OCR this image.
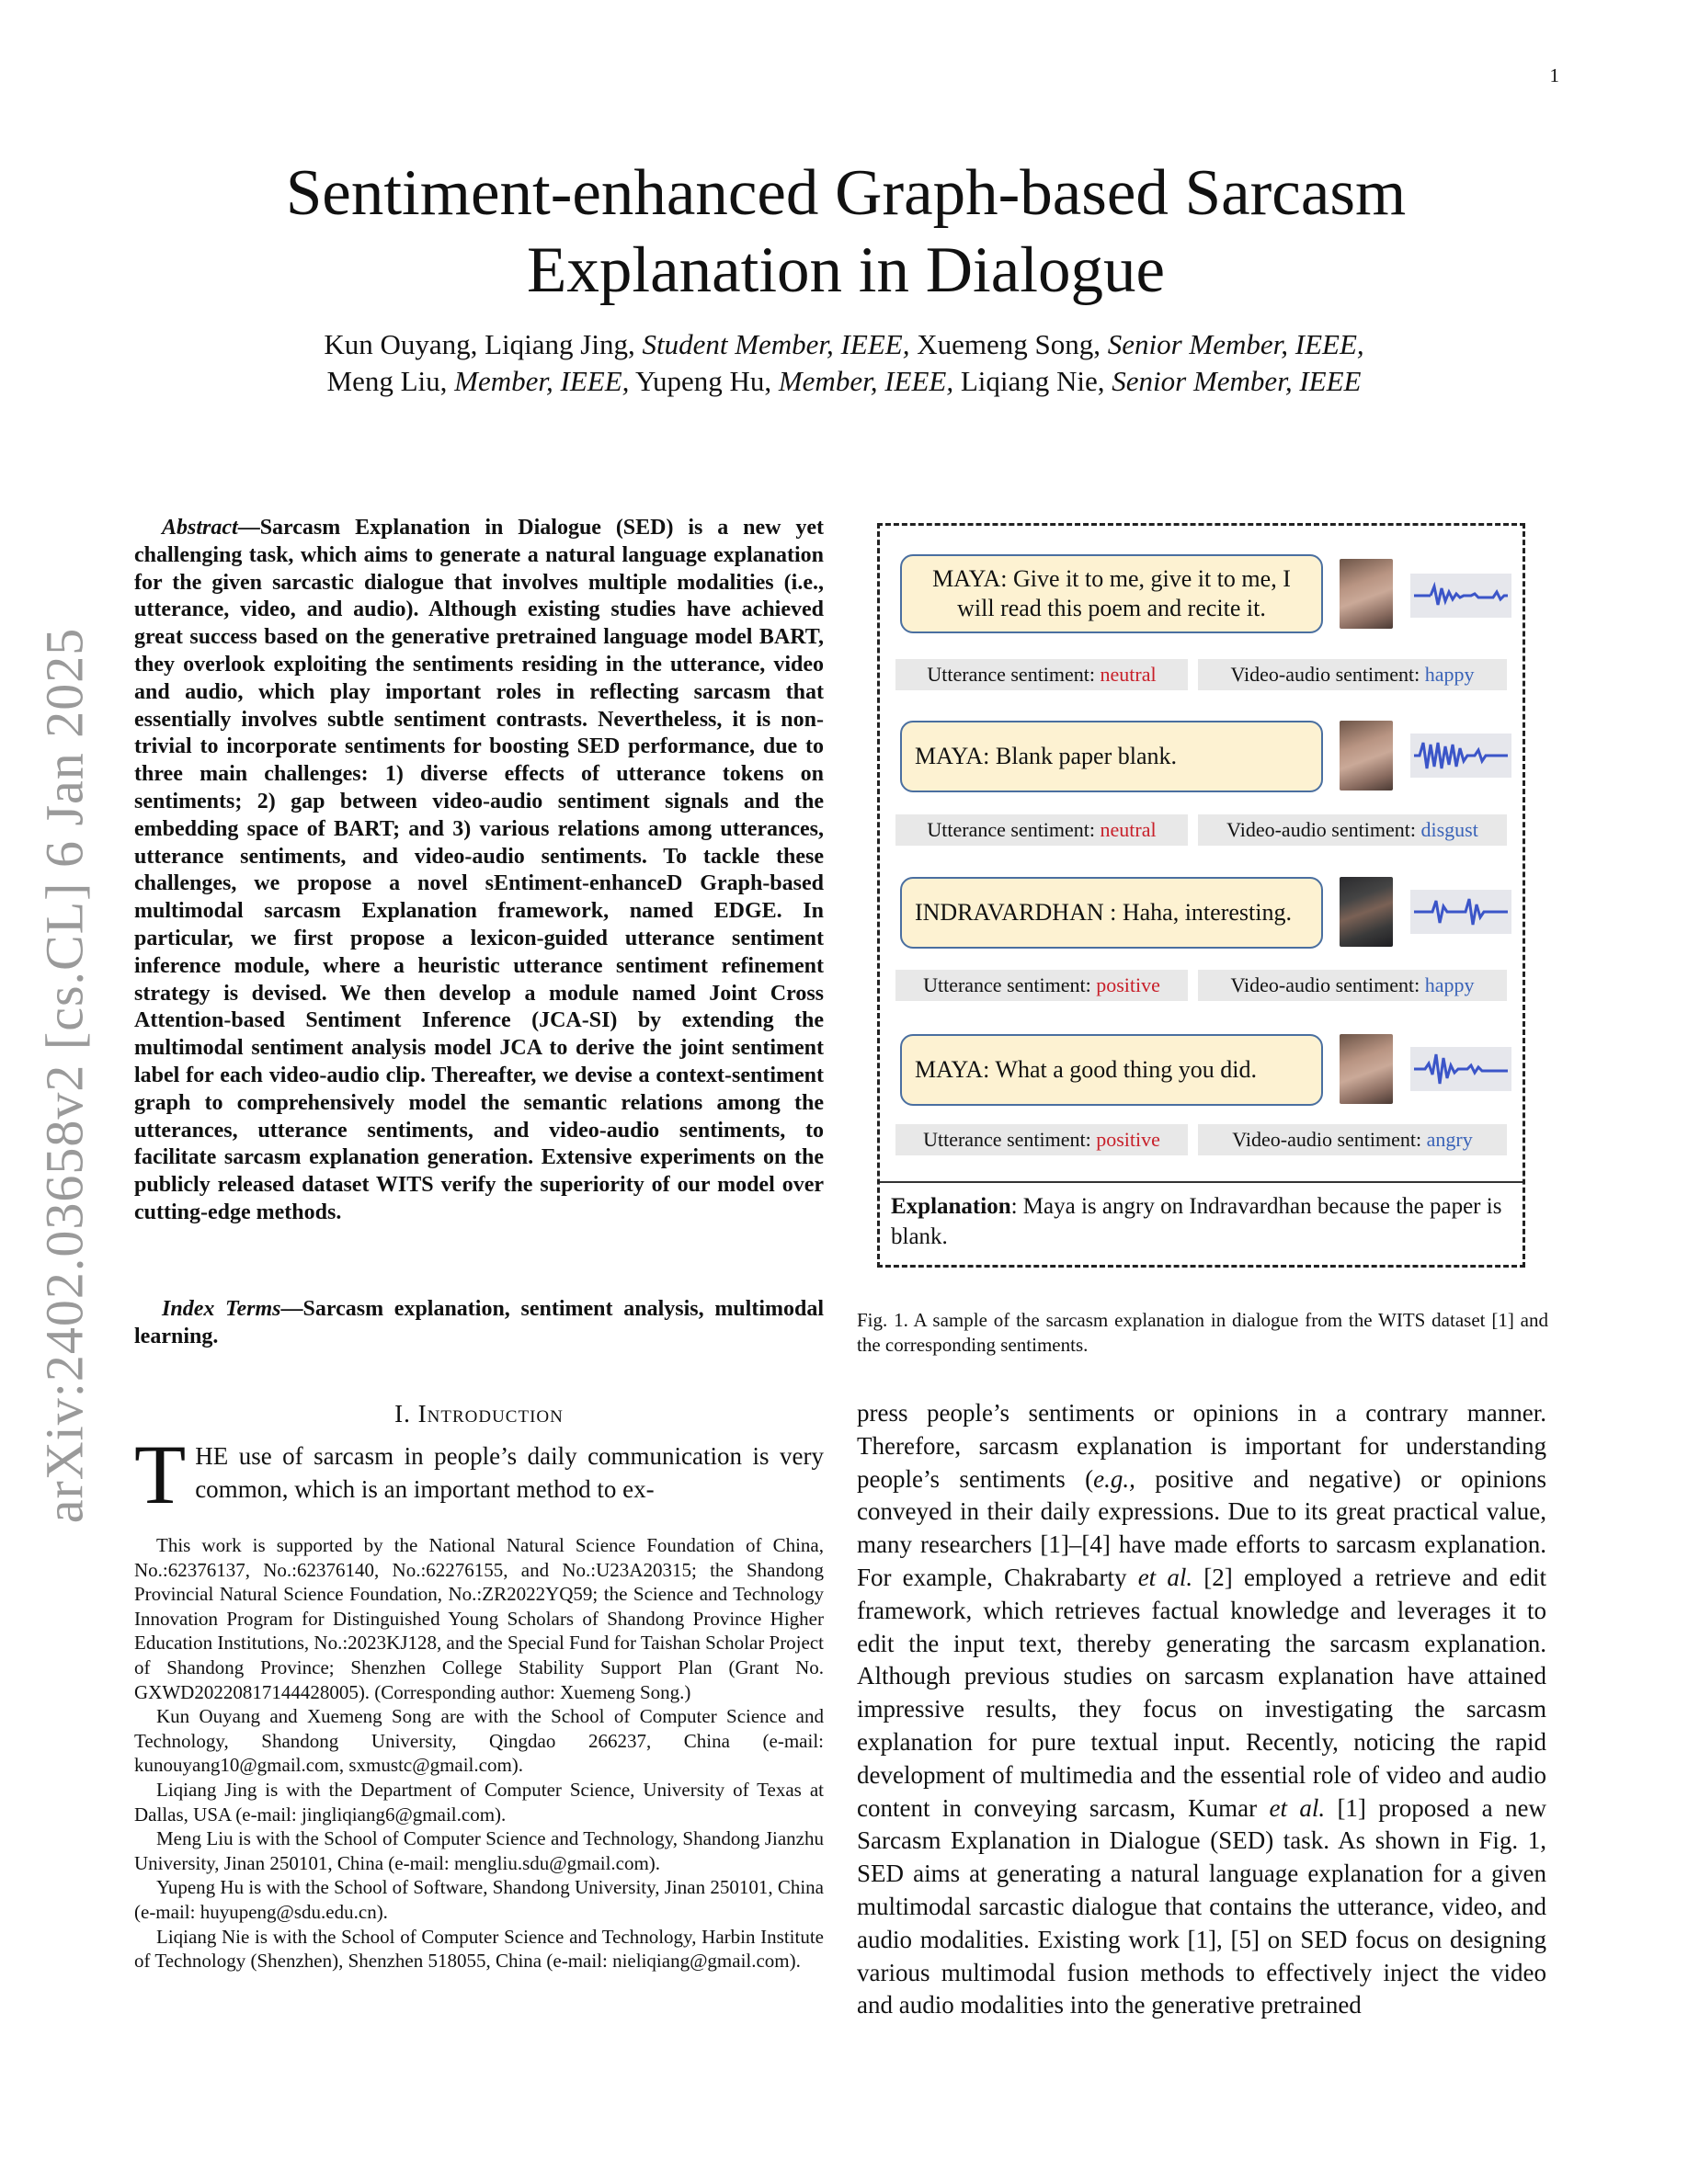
1
arXiv:2402.03658v2 [cs.CL] 6 Jan 2025
Sentiment-enhanced Graph-based Sarcasm Explanation in Dialogue
Kun Ouyang, Liqiang Jing, Student Member, IEEE, Xuemeng Song, Senior Member, IEEE,
Meng Liu, Member, IEEE, Yupeng Hu, Member, IEEE, Liqiang Nie, Senior Member, IEEE
Abstract—Sarcasm Explanation in Dialogue (SED) is a new yet challenging task, which aims to generate a natural language explanation for the given sarcastic dialogue that involves multiple modalities (i.e., utterance, video, and audio). Although existing studies have achieved great success based on the generative pretrained language model BART, they overlook exploiting the sentiments residing in the utterance, video and audio, which play important roles in reflecting sarcasm that essentially involves subtle sentiment contrasts. Nevertheless, it is non-trivial to incorporate sentiments for boosting SED performance, due to three main challenges: 1) diverse effects of utterance tokens on sentiments; 2) gap between video-audio sentiment signals and the embedding space of BART; and 3) various relations among utterances, utterance sentiments, and video-audio sentiments. To tackle these challenges, we propose a novel sEntiment-enhanceD Graph-based multimodal sarcasm Explanation framework, named EDGE. In particular, we first propose a lexicon-guided utterance sentiment inference module, where a heuristic utterance sentiment refinement strategy is devised. We then develop a module named Joint Cross Attention-based Sentiment Inference (JCA-SI) by extending the multimodal sentiment analysis model JCA to derive the joint sentiment label for each video-audio clip. Thereafter, we devise a context-sentiment graph to comprehensively model the semantic relations among the utterances, utterance sentiments, and video-audio sentiments, to facilitate sarcasm explanation generation. Extensive experiments on the publicly released dataset WITS verify the superiority of our model over cutting-edge methods.
Index Terms—Sarcasm explanation, sentiment analysis, multimodal learning.
I. Introduction
THE use of sarcasm in people’s daily communication is very common, which is an important method to ex-

This work is supported by the National Natural Science Foundation of China, No.:62376137, No.:62376140, No.:62276155, and No.:U23A20315; the Shandong Provincial Natural Science Foundation, No.:ZR2022YQ59; the Science and Technology Innovation Program for Distinguished Young Scholars of Shandong Province Higher Education Institutions, No.:2023KJ128, and the Special Fund for Taishan Scholar Project of Shandong Province; Shenzhen College Stability Support Plan (Grant No. GXWD20220817144428005). (Corresponding author: Xuemeng Song.)

Kun Ouyang and Xuemeng Song are with the School of Computer Science and Technology, Shandong University, Qingdao 266237, China (e-mail: kunouyang10@gmail.com, sxmustc@gmail.com).

Liqiang Jing is with the Department of Computer Science, University of Texas at Dallas, USA (e-mail: jingliqiang6@gmail.com).

Meng Liu is with the School of Computer Science and Technology, Shandong Jianzhu University, Jinan 250101, China (e-mail: mengliu.sdu@gmail.com).

Yupeng Hu is with the School of Software, Shandong University, Jinan 250101, China (e-mail: huyupeng@sdu.edu.cn).

Liqiang Nie is with the School of Computer Science and Technology, Harbin Institute of Technology (Shenzhen), Shenzhen 518055, China (e-mail: nieliqiang@gmail.com).

press people’s sentiments or opinions in a contrary manner. Therefore, sarcasm explanation is important for understanding people’s sentiments (e.g., positive and negative) or opinions conveyed in their daily expressions. Due to its great practical value, many researchers [1]–[4] have made efforts to sarcasm explanation. For example, Chakrabarty et al. [2] employed a retrieve and edit framework, which retrieves factual knowledge and leverages it to edit the input text, thereby generating the sarcasm explanation. Although previous studies on sarcasm explanation have attained impressive results, they focus on investigating the sarcasm explanation for pure textual input. Recently, noticing the rapid development of multimedia and the essential role of video and audio content in conveying sarcasm, Kumar et al. [1] proposed a new Sarcasm Explanation in Dialogue (SED) task. As shown in Fig. 1, SED aims at generating a natural language explanation for a given multimodal sarcastic dialogue that contains the utterance, video, and audio modalities. Existing work [1], [5] on SED focus on designing various multimodal fusion methods to effectively inject the video and audio modalities into the generative pretrained
MAYA: Give it to me, give it to me, I will read this poem and recite it.
Utterance sentiment: neutral	Video-audio sentiment: happy
MAYA: Blank paper blank.
Utterance sentiment: neutral	Video-audio sentiment: disgust
INDRAVARDHAN : Haha, interesting.
Utterance sentiment: positive	Video-audio sentiment: happy
MAYA: What a good thing you did.
Utterance sentiment: positive	Video-audio sentiment: angry
Explanation: Maya is angry on Indravardhan because the paper is blank.
Fig. 1. A sample of the sarcasm explanation in dialogue from the WITS dataset [1] and the corresponding sentiments.
